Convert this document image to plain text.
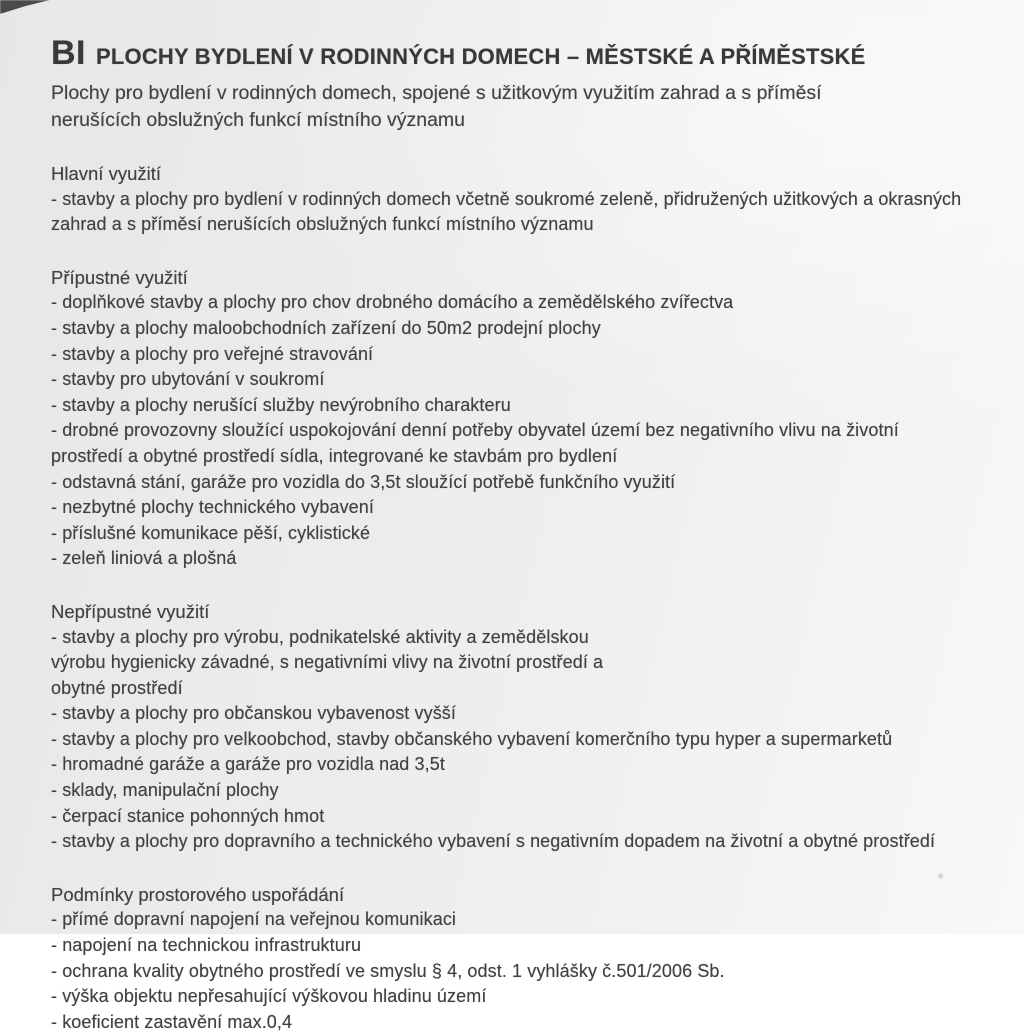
BI PLOCHY BYDLENÍ V RODINNÝCH DOMECH – MĚSTSKÉ A PŘÍMĚSTSKÉ
Plochy pro bydlení v rodinných domech, spojené s užitkovým využitím zahrad a s příměsí
nerušících obslužných funkcí místního významu
Hlavní využití
- stavby a plochy pro bydlení v rodinných domech včetně soukromé zeleně, přidružených užitkových a okrasných
zahrad a s příměsí nerušících obslužných funkcí místního významu
Přípustné využití
- doplňkové stavby a plochy pro chov drobného domácího a zemědělského zvířectva
- stavby a plochy maloobchodních zařízení do 50m2 prodejní plochy
- stavby a plochy pro veřejné stravování
- stavby pro ubytování v soukromí
- stavby a plochy nerušící služby nevýrobního charakteru
- drobné provozovny sloužící uspokojování denní potřeby obyvatel území bez negativního vlivu na životní
prostředí a obytné prostředí sídla, integrované ke stavbám pro bydlení
- odstavná stání, garáže pro vozidla do 3,5t sloužící potřebě funkčního využití
- nezbytné plochy technického vybavení
- příslušné komunikace pěší, cyklistické
- zeleň liniová a plošná
Nepřípustné využití
- stavby a plochy pro výrobu, podnikatelské aktivity a zemědělskou
výrobu hygienicky závadné, s negativními vlivy na životní prostředí a
obytné prostředí
- stavby a plochy pro občanskou vybavenost vyšší
- stavby a plochy pro velkoobchod, stavby občanského vybavení komerčního typu hyper a supermarketů
- hromadné garáže a garáže pro vozidla nad 3,5t
- sklady, manipulační plochy
- čerpací stanice pohonných hmot
- stavby a plochy pro dopravního a technického vybavení s negativním dopadem na životní a obytné prostředí
Podmínky prostorového uspořádání
- přímé dopravní napojení na veřejnou komunikaci
- napojení na technickou infrastrukturu
- ochrana kvality obytného prostředí ve smyslu § 4, odst. 1 vyhlášky č.501/2006 Sb.
- výška objektu nepřesahující výškovou hladinu území
- koeficient zastavění max.0,4
